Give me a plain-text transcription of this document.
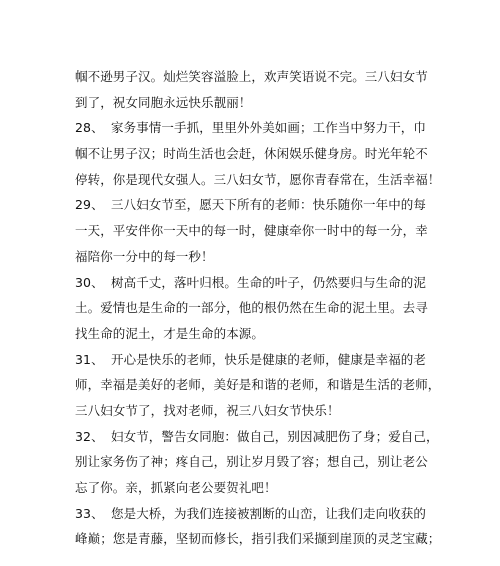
帼不逊男子汉。灿烂笑容溢脸上，欢声笑语说不完。三八妇女节
到了，祝女同胞永远快乐靓丽！
28、 家务事情一手抓，里里外外美如画；工作当中努力干，巾
帼不让男子汉；时尚生活也会赶，休闲娱乐健身房。时光年轮不
停转，你是现代女强人。三八妇女节，愿你青春常在，生活幸福！
29、 三八妇女节至，愿天下所有的老师：快乐随你一年中的每
一天，平安伴你一天中的每一时，健康牵你一时中的每一分，幸
福陪你一分中的每一秒！
30、 树高千丈，落叶归根。生命的叶子，仍然要归与生命的泥
土。爱情也是生命的一部分，他的根仍然在生命的泥土里。去寻
找生命的泥土，才是生命的本源。
31、 开心是快乐的老师，快乐是健康的老师，健康是幸福的老
师，幸福是美好的老师，美好是和谐的老师，和谐是生活的老师，
三八妇女节了，找对老师，祝三八妇女节快乐！
32、 妇女节，警告女同胞：做自己，别因减肥伤了身；爱自己，
别让家务伤了神；疼自己，别让岁月毁了容；想自己，别让老公
忘了你。亲，抓紧向老公要贺礼吧！
33、 您是大桥，为我们连接被割断的山峦，让我们走向收获的
峰巅；您是青藤，坚韧而修长，指引我们采撷到崖顶的灵芝宝藏；
